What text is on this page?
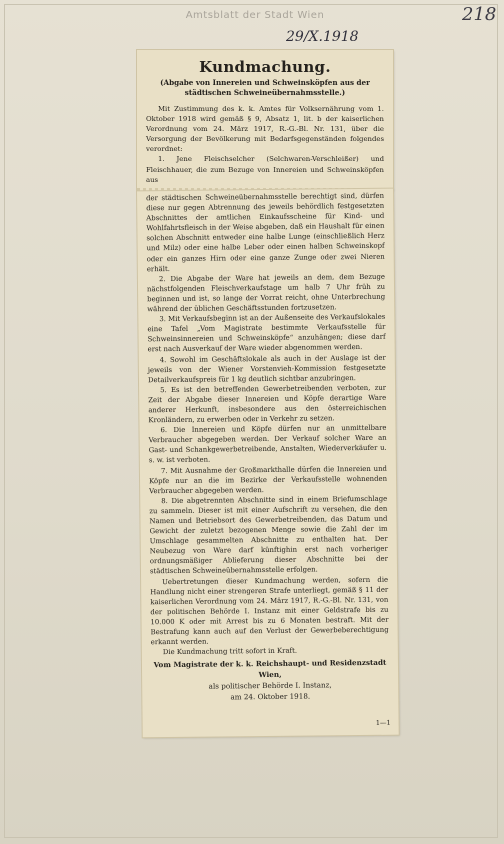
Amtsblatt der Stadt Wien	218
29/X.1918
Kundmachung.
(Abgabe von Innereien und Schweinsköpfen aus der städtischen Schweineübernahmsstelle.)

Mit Zustimmung des k. k. Amtes für Volksernährung vom 1. Oktober 1918 wird gemäß § 9, Absatz 1, lit. b der kaiserlichen Verordnung vom 24. März 1917, R.-G.-Bl. Nr. 131, über die Versorgung der Bevölkerung mit Bedarfsgegenständen folgendes verordnet:

1. Jene Fleischselcher (Selchwaren-Verschleißer) und Fleischhauer, die zum Bezuge von Innereien und Schweinsköpfen aus

der städtischen Schweineübernahmsstelle berechtigt sind, dürfen diese nur gegen Abtrennung des jeweils behördlich festgesetzten Abschnittes der amtlichen Einkaufsscheine für Kind- und Wohlfahrtsfleisch in der Weise abgeben, daß ein Haushalt für einen solchen Abschnitt entweder eine halbe Lunge (einschließlich Herz und Milz) oder eine halbe Leber oder einen halben Schweinskopf oder ein ganzes Hirn oder eine ganze Zunge oder zwei Nieren erhält.

2. Die Abgabe der Ware hat jeweils an dem, dem Bezuge nächstfolgenden Fleischverkaufstage um halb 7 Uhr früh zu beginnen und ist, so lange der Vorrat reicht, ohne Unterbrechung während der üblichen Geschäftsstunden fortzusetzen.

3. Mit Verkaufsbeginn ist an der Außenseite des Verkaufslokales eine Tafel „Vom Magistrate bestimmte Verkaufsstelle für Schweinsinnereien und Schweinsköpfe“ anzuhängen; diese darf erst nach Ausverkauf der Ware wieder abgenommen werden.

4. Sowohl im Geschäftslokale als auch in der Auslage ist der jeweils von der Wiener Vorstenvieh-Kommission festgesetzte Detailverkaufspreis für 1 kg deutlich sichtbar anzubringen.

5. Es ist den betreffenden Gewerbetreibenden verboten, zur Zeit der Abgabe dieser Innereien und Köpfe derartige Ware anderer Herkunft, insbesondere aus den österreichischen Kronländern, zu erwerben oder in Verkehr zu setzen.

6. Die Innereien und Köpfe dürfen nur an unmittelbare Verbraucher abgegeben werden. Der Verkauf solcher Ware an Gast- und Schankgewerbetreibende, Anstalten, Wiederverkäufer u. s. w. ist verboten.

7. Mit Ausnahme der Großmarkthalle dürfen die Innereien und Köpfe nur an die im Bezirke der Verkaufsstelle wohnenden Verbraucher abgegeben werden.

8. Die abgetrennten Abschnitte sind in einem Briefumschlage zu sammeln. Dieser ist mit einer Aufschrift zu versehen, die den Namen und Betriebsort des Gewerbetreibenden, das Datum und Gewicht der zuletzt bezogenen Menge sowie die Zahl der im Umschlage gesammelten Abschnitte zu enthalten hat. Der Neubezug von Ware darf künftighin erst nach vorheriger ordnungsmäßiger Ablieferung dieser Abschnitte bei der städtischen Schweineübernahmsstelle erfolgen.

Uebertretungen dieser Kundmachung werden, sofern die Handlung nicht einer strengeren Strafe unterliegt, gemäß § 11 der kaiserlichen Verordnung vom 24. März 1917, R.-G.-Bl. Nr. 131, von der politischen Behörde I. Instanz mit einer Geldstrafe bis zu 10.000 K oder mit Arrest bis zu 6 Monaten bestraft. Mit der Bestrafung kann auch auf den Verlust der Gewerbeberechtigung erkannt werden.

Die Kundmachung tritt sofort in Kraft.

Vom Magistrate der k. k. Reichshaupt- und Residenzstadt Wien,
als politischer Behörde I. Instanz,
am 24. Oktober 1918.
1—1
